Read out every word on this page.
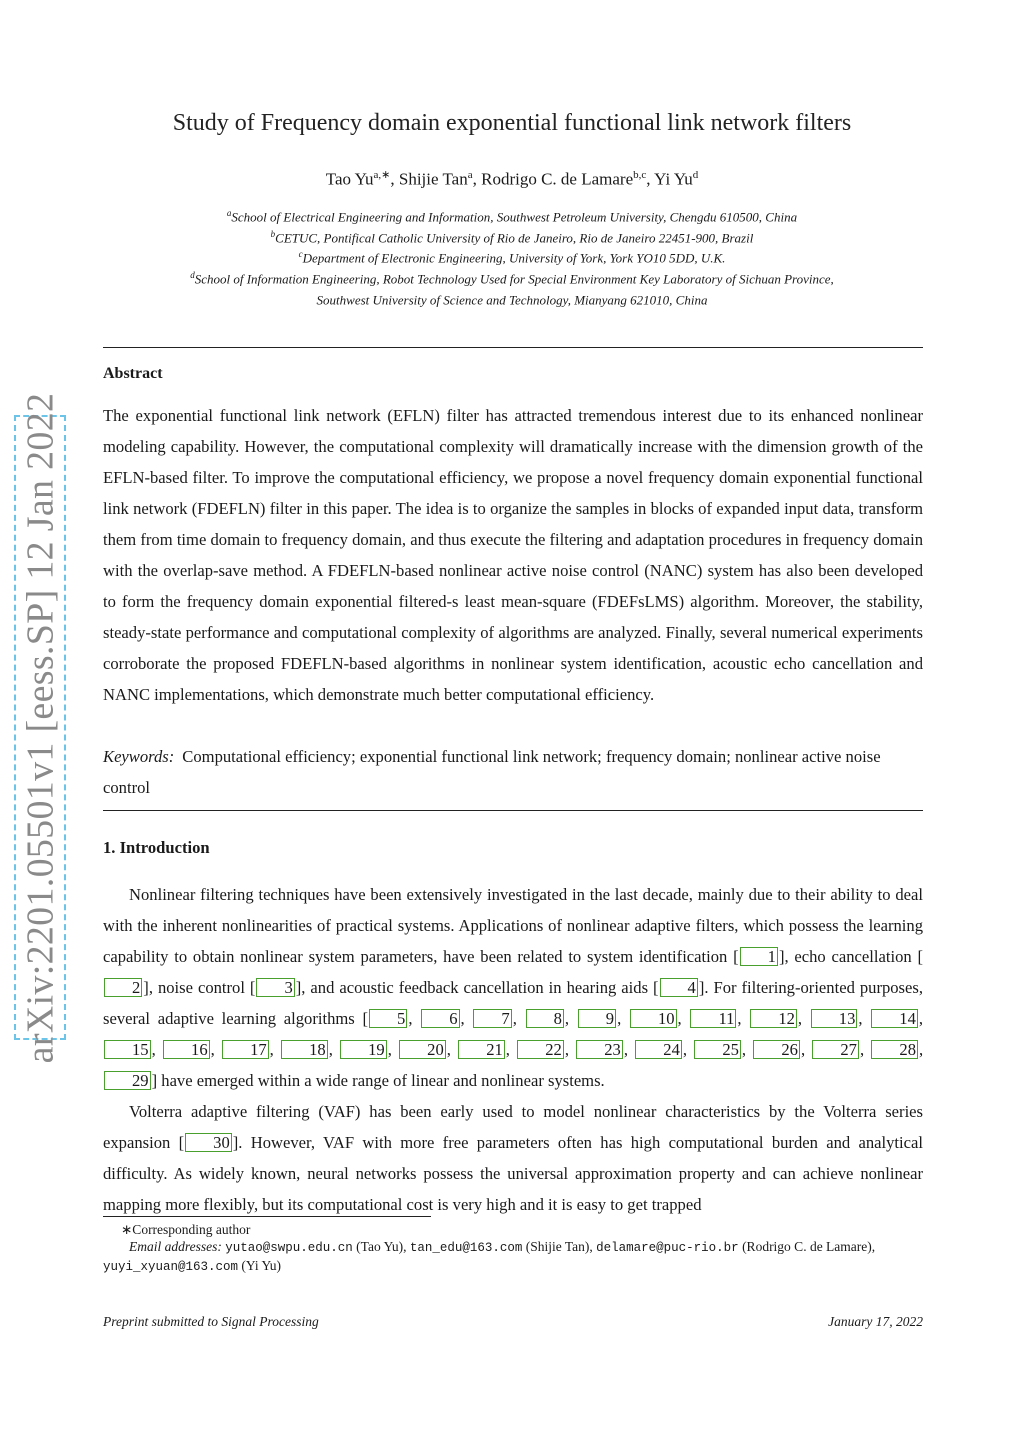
arXiv:2201.05501v1 [eess.SP] 12 Jan 2022
Study of Frequency domain exponential functional link network filters
Tao $Yu^{a,∗}$, Shijie Tan$^a$, Rodrigo C. de Lamare$^{b,c}$, Yi Yu$^d$
$^a$School of Electrical Engineering and Information, Southwest Petroleum University, Chengdu 610500, China
$^b$CETUC, Pontifical Catholic University of Rio de Janeiro, Rio de Janeiro 22451-900, Brazil
$^c$Department of Electronic Engineering, University of York, York YO10 5DD, U.K.
$^d$School of Information Engineering, Robot Technology Used for Special Environment Key Laboratory of Sichuan Province,
Southwest University of Science and Technology, Mianyang 621010, China
Abstract
The exponential functional link network (EFLN) filter has attracted tremendous interest due to its enhanced nonlinear modeling capability. However, the computational complexity will dramatically increase with the dimension growth of the EFLN-based filter. To improve the computational efficiency, we propose a novel frequency domain exponential functional link network (FDEFLN) filter in this paper. The idea is to organize the samples in blocks of expanded input data, transform them from time domain to frequency domain, and thus execute the filtering and adaptation procedures in frequency domain with the overlap-save method. A FDEFLN-based nonlinear active noise control (NANC) system has also been developed to form the frequency domain exponential filtered-s least mean-square (FDEFsLMS) algorithm. Moreover, the stability, steady-state performance and computational complexity of algorithms are analyzed. Finally, several numerical experiments corroborate the proposed FDEFLN-based algorithms in nonlinear system identification, acoustic echo cancellation and NANC implementations, which demonstrate much better computational efficiency.
Keywords: Computational efficiency; exponential functional link network; frequency domain; nonlinear active noise control
1. Introduction

Nonlinear filtering techniques have been extensively investigated in the last decade, mainly due to their ability to deal with the inherent nonlinearities of practical systems. Applications of nonlinear adaptive filters, which possess the learning capability to obtain nonlinear system parameters, have been related to system identification [ 1 ], echo cancellation [2 ], noise control [ 3 ], and acoustic feedback cancellation in hearing aids [ 4 ]. For filtering-oriented purposes, several adaptive learning algorithms [ 5 , 6 , 7 , 8 , 9 , 10 , 11 , 12 , 13 , 14 , 15 , 16 , 17 , 18 , 19 , 20 , 21 , 22 , 23 , 24 , 25 , 26 , 27 , 28 , 29 ] have emerged within a wide range of linear and nonlinear systems.

Volterra adaptive filtering (VAF) has been early used to model nonlinear characteristics by the Volterra series expansion [ 30 ]. However, VAF with more free parameters often has high computational burden and analytical difficulty. As widely known, neural networks possess the universal approximation property and can achieve nonlinear mapping more flexibly, but its computational cost is very high and it is easy to get trapped

∗Corresponding author
Email addresses: yutao@swpu.edu.cn (Tao Yu), tan_edu@163.com (Shijie Tan), delamare@puc-rio.br (Rodrigo C. de Lamare), yuyi_xyuan@163.com (Yi Yu)
Preprint submitted to Signal Processing	January 17, 2022
